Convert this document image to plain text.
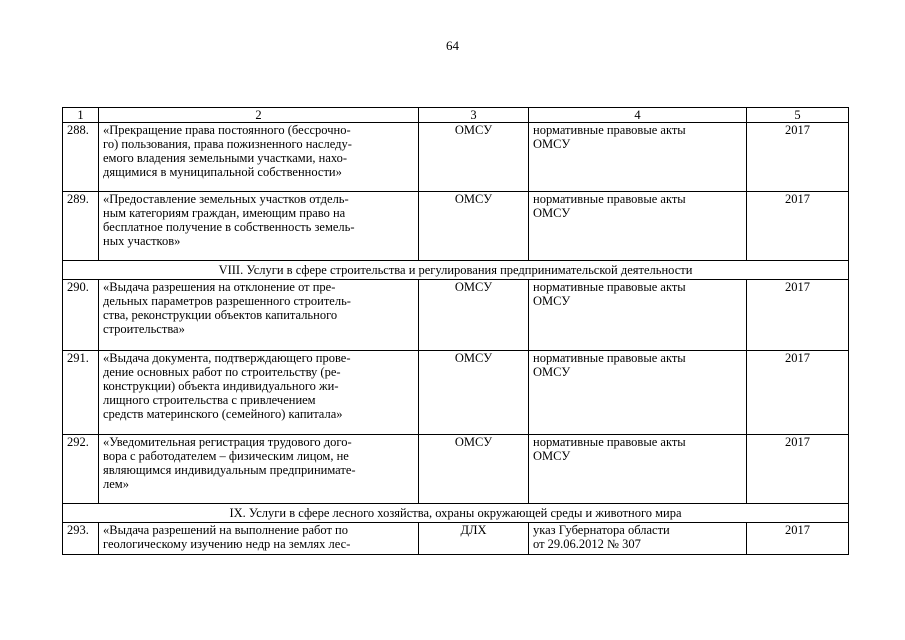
64
1	2	3	4	5
288.	«Прекращение права постоянного (бессрочно-
го) пользования, права пожизненного наследу-
емого владения земельными участками, нахо-
дящимися в муниципальной собственности»	ОМСУ	нормативные правовые акты
ОМСУ	2017
289.	«Предоставление земельных участков отдель-
ным категориям граждан, имеющим право на
бесплатное получение в собственность земель-
ных участков»	ОМСУ	нормативные правовые акты
ОМСУ	2017
VIII. Услуги в сфере строительства и регулирования предпринимательской деятельности				
290.	«Выдача разрешения на отклонение от пре-
дельных параметров разрешенного строитель-
ства, реконструкции объектов капитального
строительства»	ОМСУ	нормативные правовые акты
ОМСУ	2017
291.	«Выдача документа, подтверждающего прове-
дение основных работ по строительству (ре-
конструкции) объекта индивидуального жи-
лищного строительства с привлечением
средств материнского (семейного) капитала»	ОМСУ	нормативные правовые акты
ОМСУ	2017
292.	«Уведомительная регистрация трудового дого-
вора с работодателем – физическим лицом, не
являющимся индивидуальным предпринимате-
лем»	ОМСУ	нормативные правовые акты
ОМСУ	2017
IX. Услуги в сфере лесного хозяйства, охраны окружающей среды и животного мира				
293.	«Выдача разрешений на выполнение работ по
геологическому изучению недр на землях лес-	ДЛХ	указ Губернатора области
от 29.06.2012 № 307	2017
